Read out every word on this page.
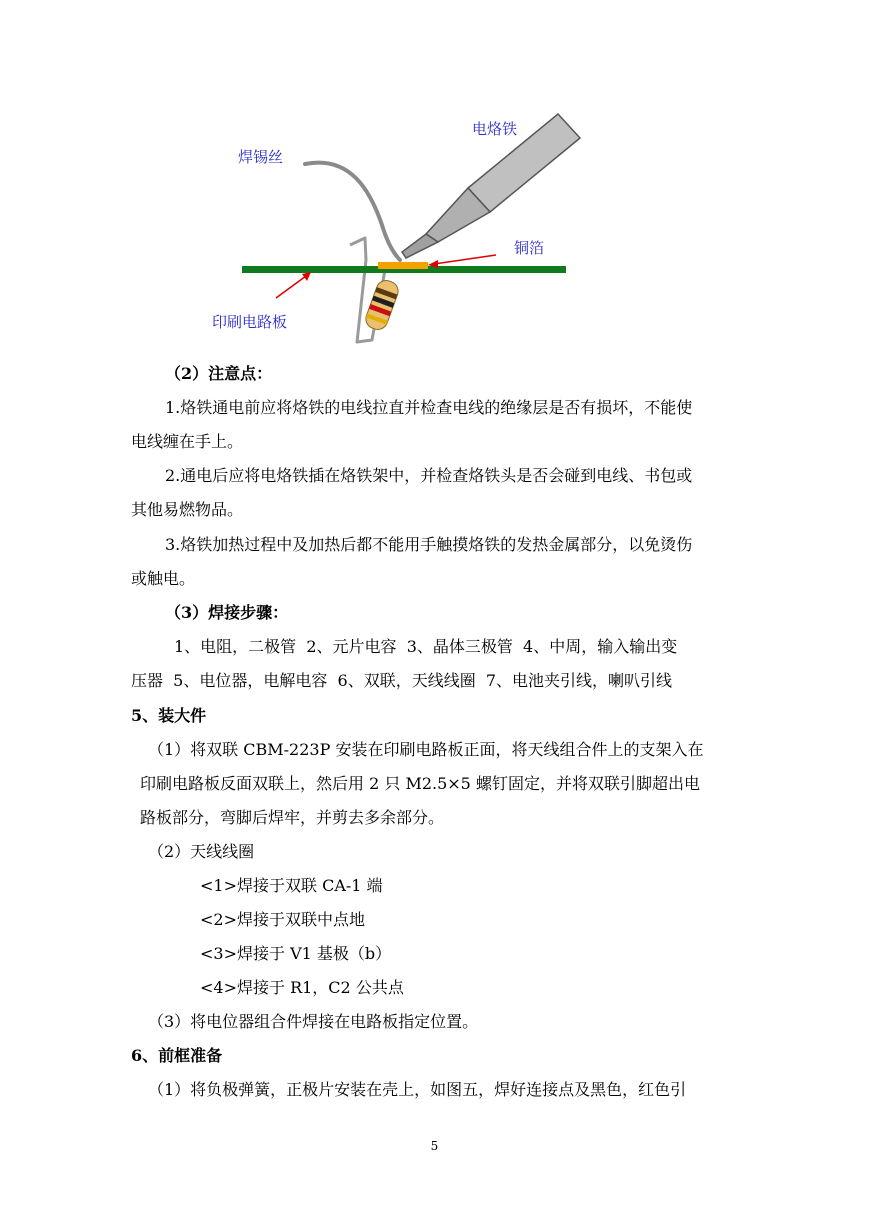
电烙铁
焊锡丝
铜箔
印刷电路板
（2）注意点：
1.烙铁通电前应将烙铁的电线拉直并检查电线的绝缘层是否有损坏，不能使
电线缠在手上。
2.通电后应将电烙铁插在烙铁架中，并检查烙铁头是否会碰到电线、书包或
其他易燃物品。
3.烙铁加热过程中及加热后都不能用手触摸烙铁的发热金属部分，以免烫伤
或触电。
（3）焊接步骤：
1、电阻，二极管  2、元片电容  3、晶体三极管  4、中周，输入输出变
压器  5、电位器，电解电容  6、双联，天线线圈  7、电池夹引线，喇叭引线
5、装大件
（1）将双联 CBM-223P 安装在印刷电路板正面，将天线组合件上的支架入在
印刷电路板反面双联上，然后用 2 只 M2.5×5 螺钉固定，并将双联引脚超出电
路板部分，弯脚后焊牢，并剪去多余部分。
（2）天线线圈
<1>焊接于双联 CA-1 端
<2>焊接于双联中点地
<3>焊接于 V1 基极（b）
<4>焊接于 R1，C2 公共点
（3）将电位器组合件焊接在电路板指定位置。
6、前框准备
（1）将负极弹簧，正极片安装在壳上，如图五，焊好连接点及黑色，红色引
5
